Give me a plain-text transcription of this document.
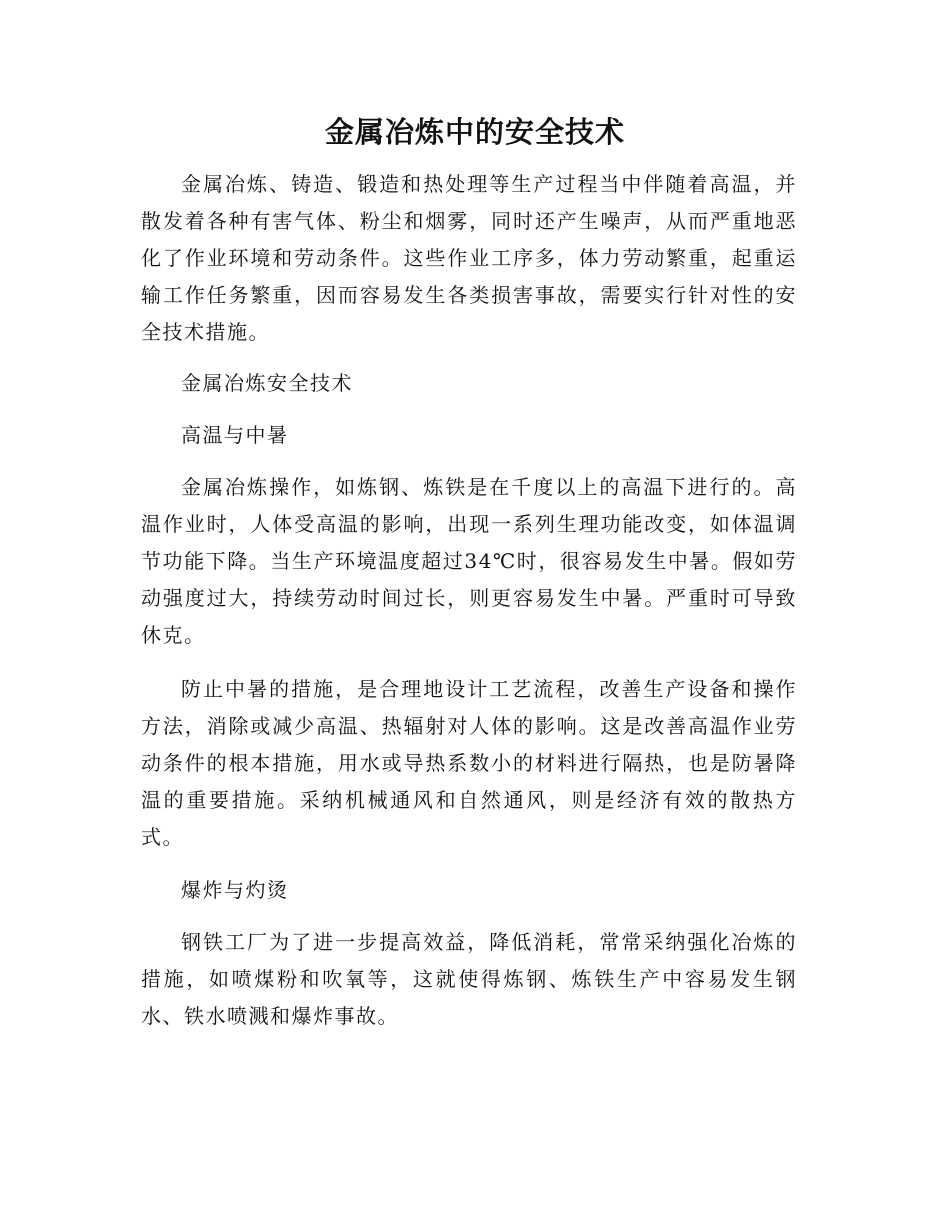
金属冶炼中的安全技术

金属冶炼、铸造、锻造和热处理等生产过程当中伴随着高温，并散发着各种有害气体、粉尘和烟雾，同时还产生噪声，从而严重地恶化了作业环境和劳动条件。这些作业工序多，体力劳动繁重，起重运输工作任务繁重，因而容易发生各类损害事故，需要实行针对性的安全技术措施。

金属冶炼安全技术

高温与中暑

金属冶炼操作，如炼钢、炼铁是在千度以上的高温下进行的。高温作业时，人体受高温的影响，出现一系列生理功能改变，如体温调节功能下降。当生产环境温度超过34℃时，很容易发生中暑。假如劳动强度过大，持续劳动时间过长，则更容易发生中暑。严重时可导致休克。

防止中暑的措施，是合理地设计工艺流程，改善生产设备和操作方法，消除或减少高温、热辐射对人体的影响。这是改善高温作业劳动条件的根本措施，用水或导热系数小的材料进行隔热，也是防暑降温的重要措施。采纳机械通风和自然通风，则是经济有效的散热方式。

爆炸与灼烫

钢铁工厂为了进一步提高效益，降低消耗，常常采纳强化冶炼的措施，如喷煤粉和吹氧等，这就使得炼钢、炼铁生产中容易发生钢水、铁水喷溅和爆炸事故。
